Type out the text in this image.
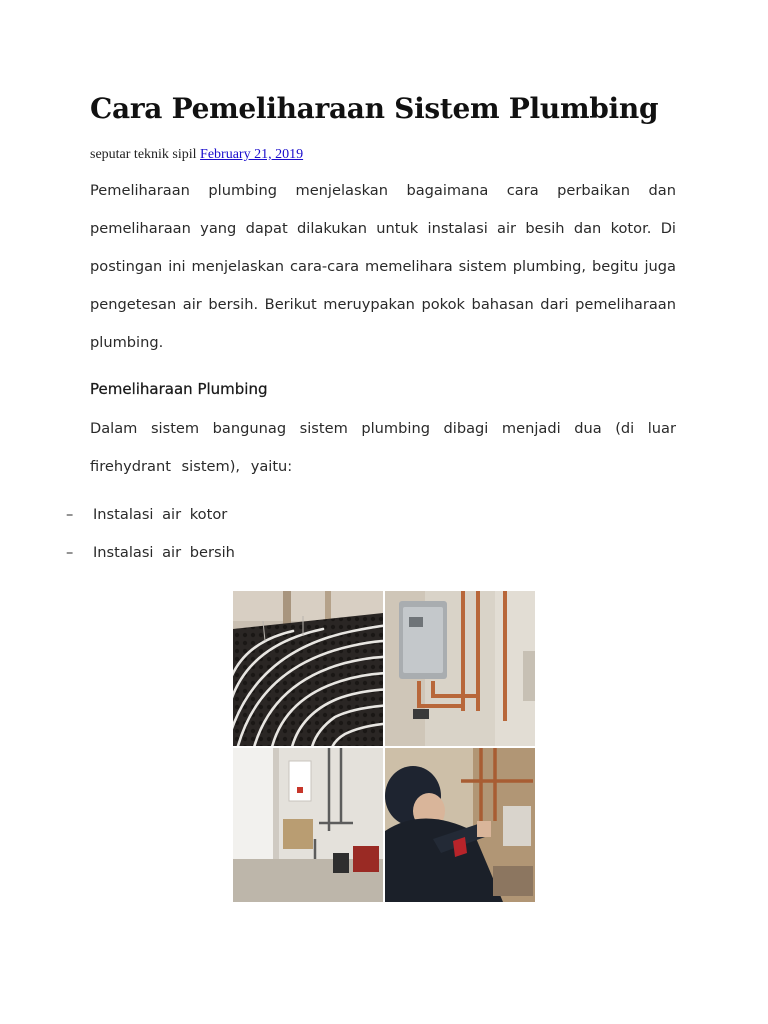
Cara Pemeliharaan Sistem Plumbing
seputar teknik sipil February 21, 2019

Pemeliharaan plumbing menjelaskan bagaimana cara perbaikan dan pemeliharaan yang dapat dilakukan untuk instalasi air besih dan kotor. Di postingan ini menjelaskan cara-cara memelihara sistem plumbing, begitu juga pengetesan air bersih. Berikut meruypakan pokok bahasan dari pemeliharaan plumbing.

Pemeliharaan Plumbing

Dalam sistem bangunag sistem plumbing dibagi menjadi dua (di luar firehydrant sistem), yaitu:

– Instalasi air kotor
– Instalasi air bersih
